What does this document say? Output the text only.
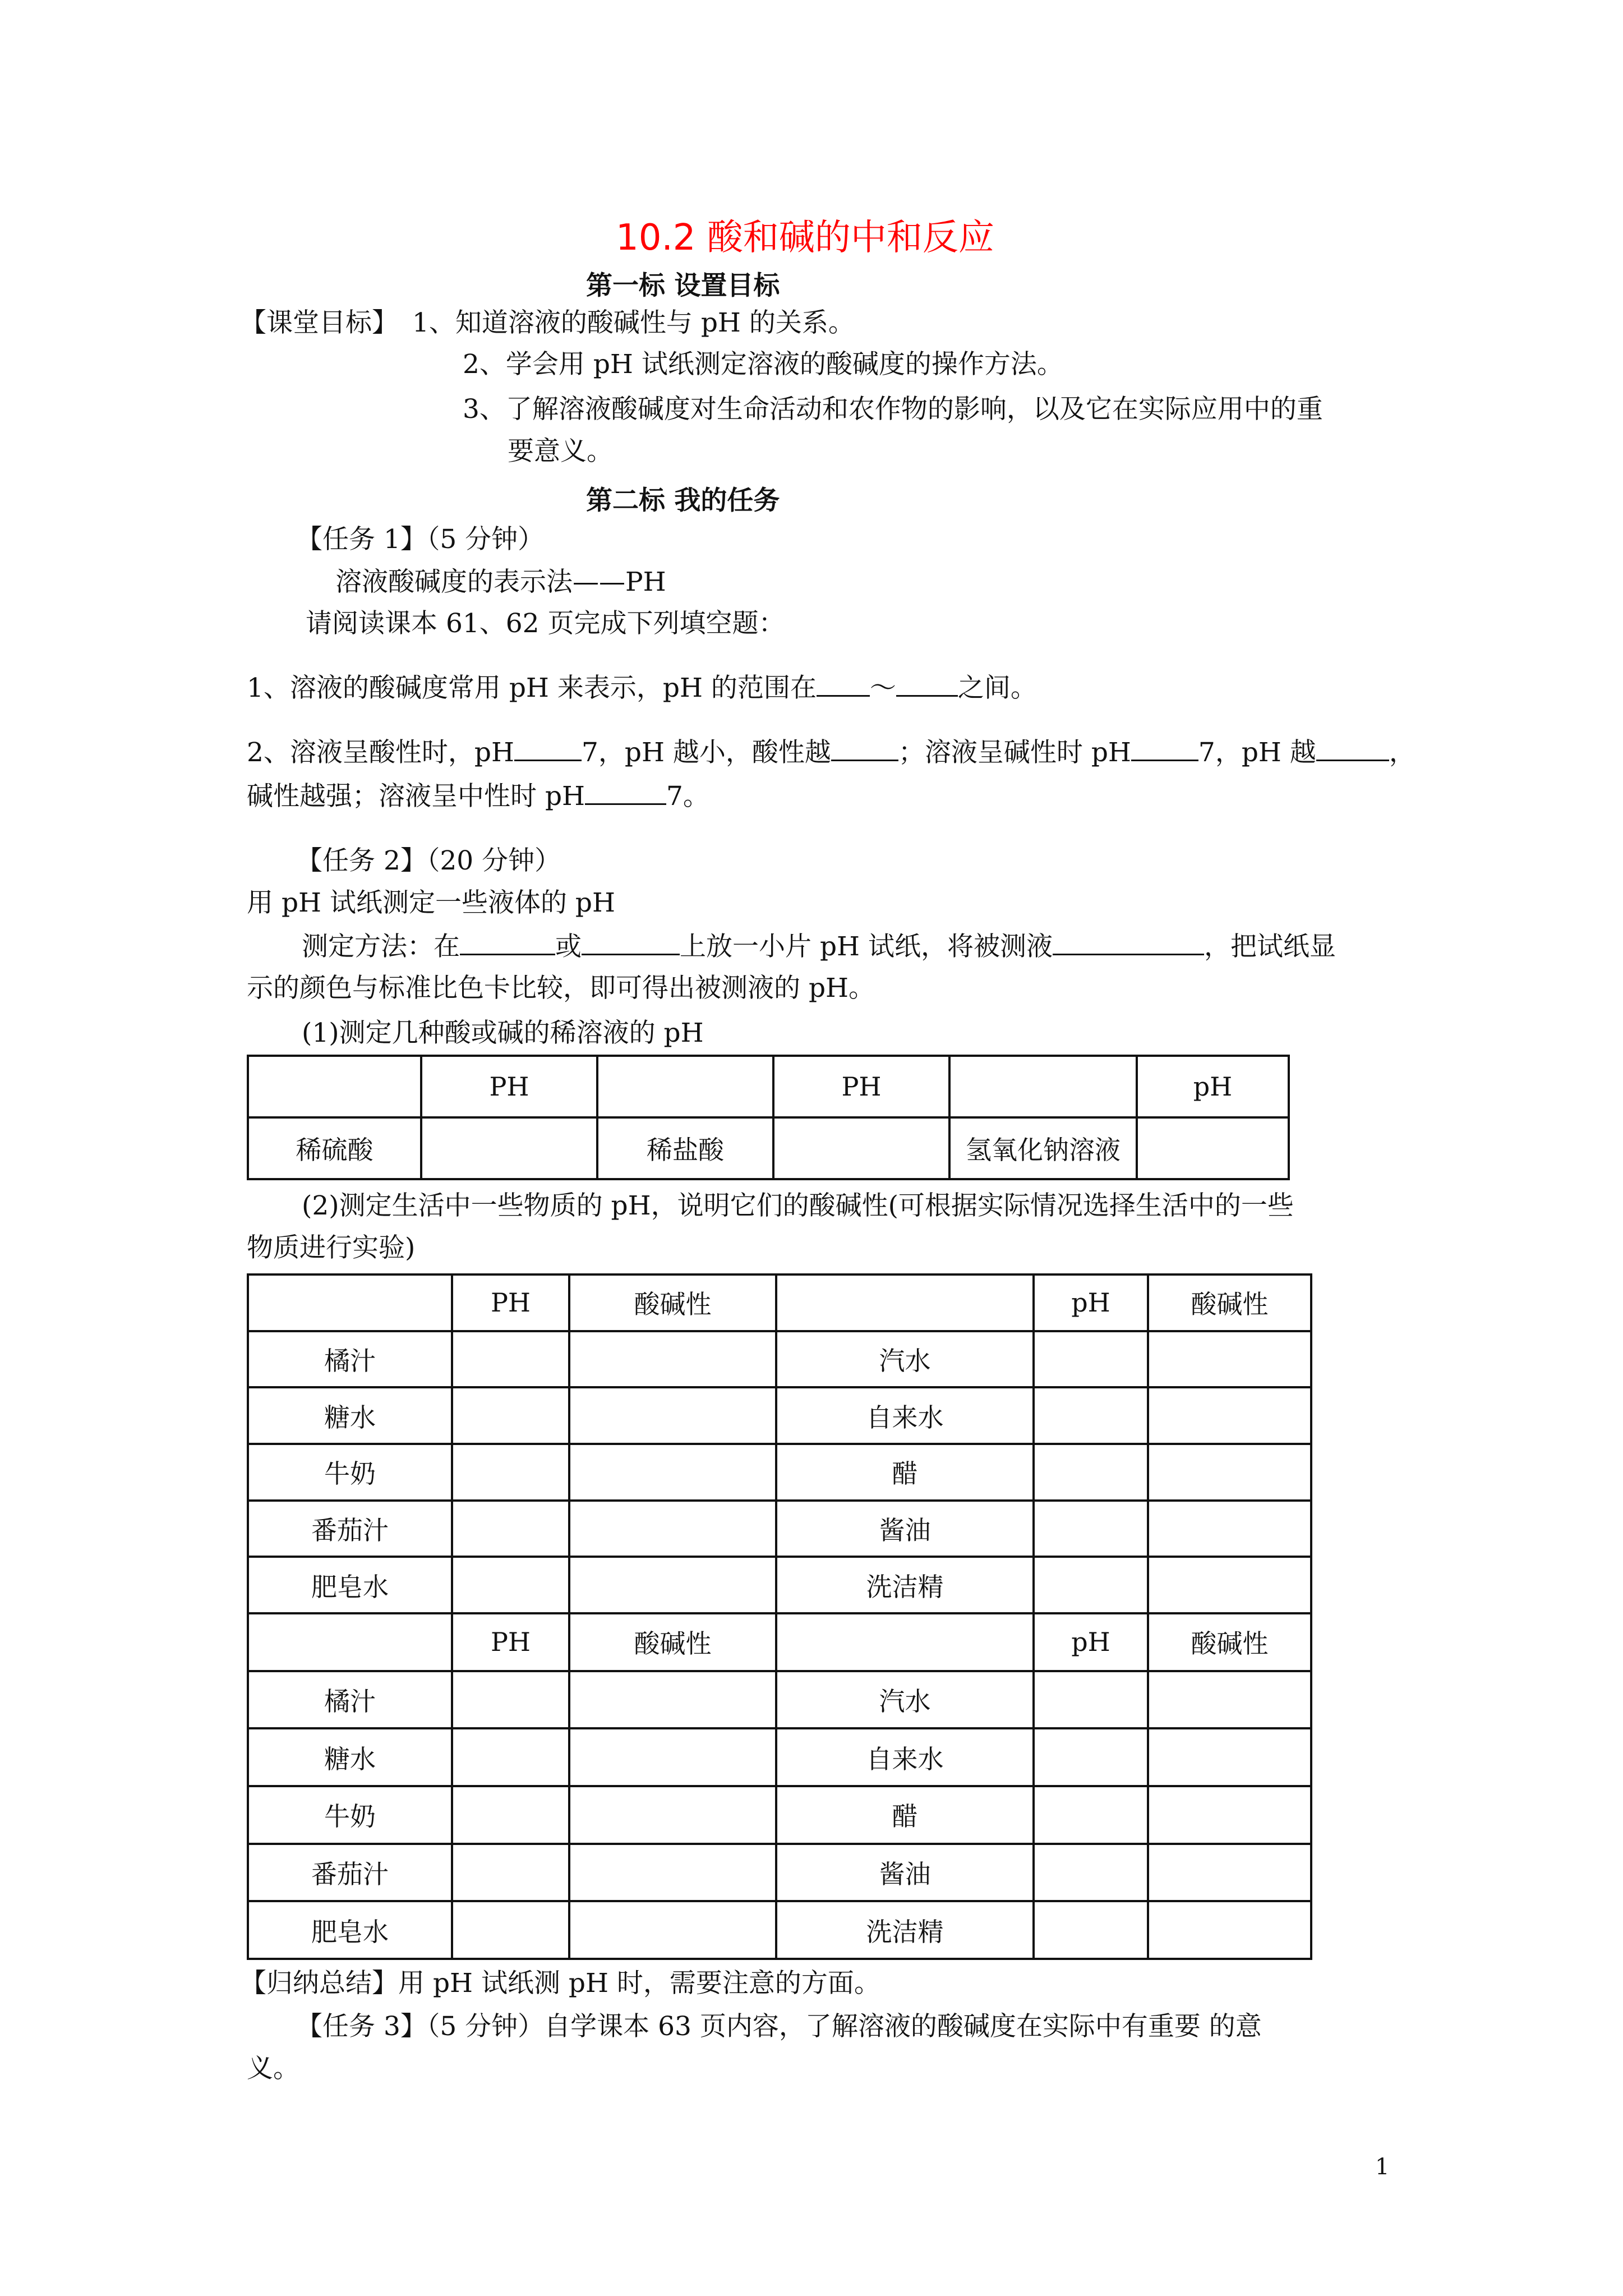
10.2 酸和碱的中和反应
第一标 设置目标
【课堂目标】 1、知道溶液的酸碱性与 pH 的关系。
2、学会用 pH 试纸测定溶液的酸碱度的操作方法。
3、了解溶液酸碱度对生命活动和农作物的影响，以及它在实际应用中的重
要意义。
第二标 我的任务
【任务 1】（5 分钟）
溶液酸碱度的表示法——PH
请阅读课本 61、62 页完成下列填空题：
1、溶液的酸碱度常用 pH 来表示，pH 的范围在 ～ 之间。
2、溶液呈酸性时，pH	7，pH 越小，酸性越	；溶液呈碱性时 pH	7，pH 越	，
碱性越强；溶液呈中性时 pH	7。
【任务 2】（20 分钟）
用 pH 试纸测定一些液体的 pH
测定方法：在	或	上放一小片 pH 试纸，将被测液	，把试纸显
示的颜色与标准比色卡比较，即可得出被测液的 pH。
(1)测定几种酸或碱的稀溶液的 pH
	PH		PH		pH
稀硫酸		稀盐酸		氢氧化钠溶液	
(2)测定生活中一些物质的 pH，说明它们的酸碱性(可根据实际情况选择生活中的一些
物质进行实验)
	PH	酸碱性		pH	酸碱性
橘汁			汽水		
糖水			自来水		
牛奶			醋		
番茄汁			酱油		
肥皂水			洗洁精		
	PH	酸碱性		pH	酸碱性
橘汁			汽水		
糖水			自来水		
牛奶			醋		
番茄汁			酱油		
肥皂水			洗洁精		
【归纳总结】用 pH 试纸测 pH 时，需要注意的方面。
【任务 3】（5 分钟）自学课本 63 页内容，了解溶液的酸碱度在实际中有重要 的意
义。
1
